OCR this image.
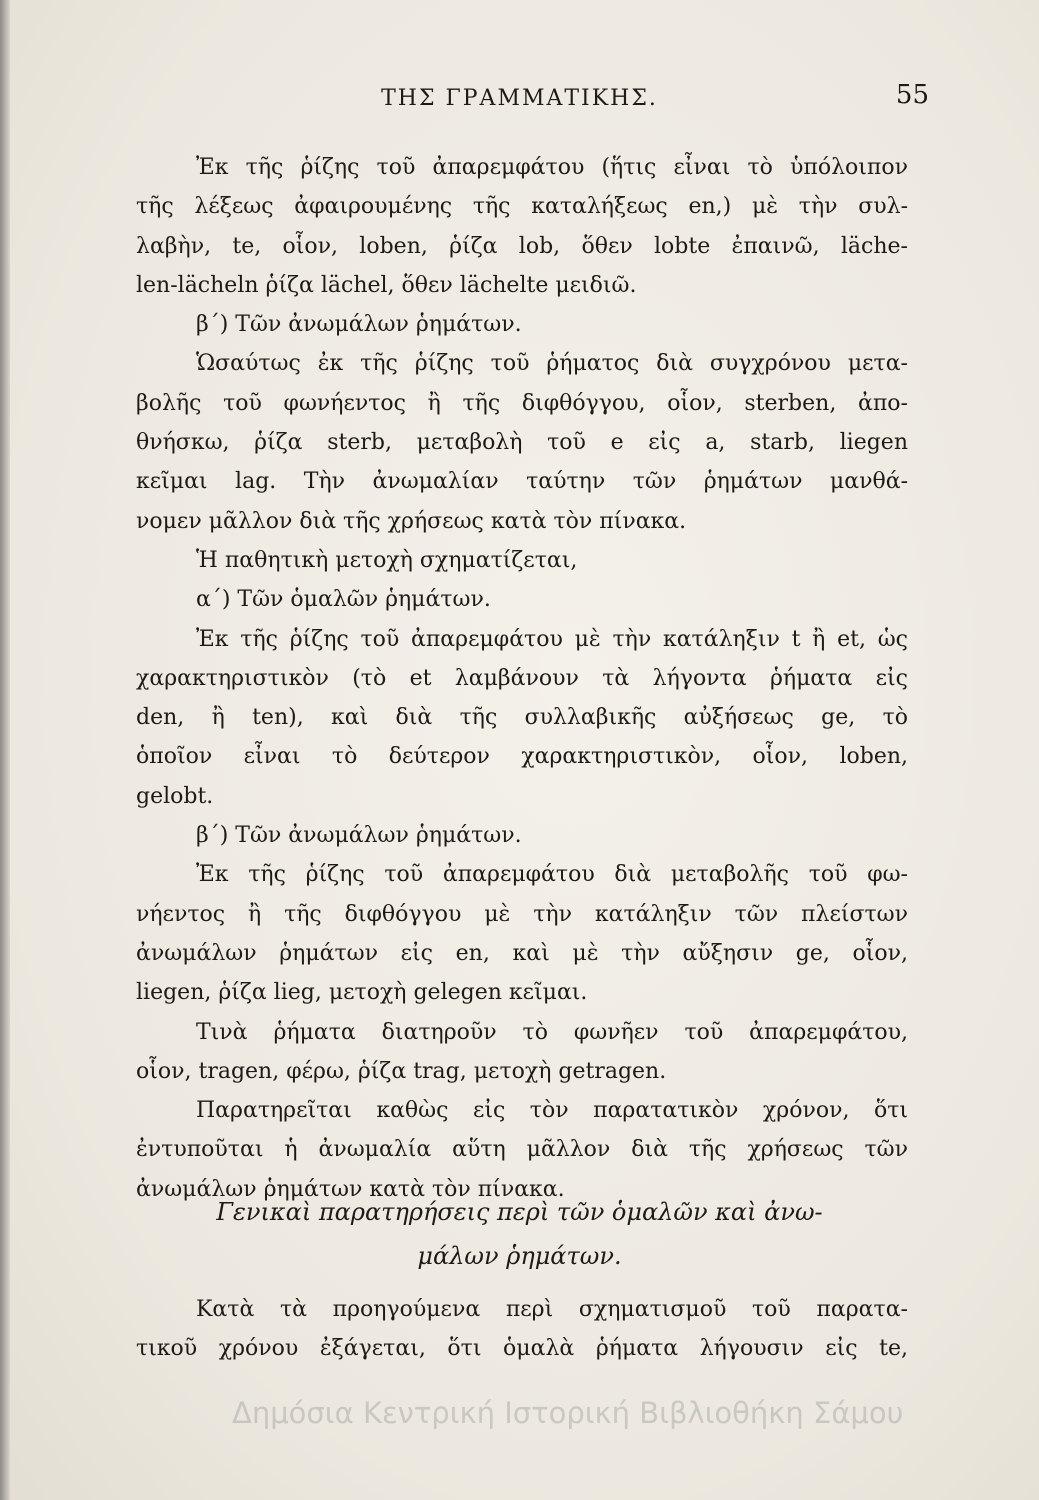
ΤΗΣ ΓΡΑΜΜΑΤΙΚΗΣ.	55
Ἐκ τῆς ῥίζης τοῦ ἀπαρεμφάτου (ἥτις εἶναι τὸ ὑπόλοιπον
τῆς λέξεως ἀφαιρουμένης τῆς καταλήξεως en,) μὲ τὴν συλ-
λαβὴν, te, οἷον, loben, ῥίζα lob, ὅθεν lobte ἐπαινῶ, läche-
len-lächeln ῥίζα lächel, ὅθεν lächelte μειδιῶ.
β΄) Τῶν ἀνωμάλων ῥημάτων.
Ὡσαύτως ἐκ τῆς ῥίζης τοῦ ῥήματος διὰ συγχρόνου μετα-
βολῆς τοῦ φωνήεντος ἢ τῆς διφθόγγου, οἷον, sterben, ἀπο-
θνήσκω, ῥίζα sterb, μεταβολὴ τοῦ e εἰς a, starb, liegen
κεῖμαι lag. Τὴν ἀνωμαλίαν ταύτην τῶν ῥημάτων μανθά-
νομεν μᾶλλον διὰ τῆς χρήσεως κατὰ τὸν πίνακα.
Ἡ παθητικὴ μετοχὴ σχηματίζεται,
α΄) Τῶν ὁμαλῶν ῥημάτων.
Ἐκ τῆς ῥίζης τοῦ ἀπαρεμφάτου μὲ τὴν κατάληξιν t ἢ et, ὡς
χαρακτηριστικὸν (τὸ et λαμβάνουν τὰ λήγοντα ῥήματα εἰς
den, ἢ ten), καὶ διὰ τῆς συλλαβικῆς αὐξήσεως ge, τὸ
ὁποῖον εἶναι τὸ δεύτερον χαρακτηριστικὸν, οἷον, loben,
gelobt.
β΄) Τῶν ἀνωμάλων ῥημάτων.
Ἐκ τῆς ῥίζης τοῦ ἀπαρεμφάτου διὰ μεταβολῆς τοῦ φω-
νήεντος ἢ τῆς διφθόγγου μὲ τὴν κατάληξιν τῶν πλείστων
ἀνωμάλων ῥημάτων εἰς en, καὶ μὲ τὴν αὔξησιν ge, οἷον,
liegen, ῥίζα lieg, μετοχὴ gelegen κεῖμαι.
Τινὰ ῥήματα διατηροῦν τὸ φωνῆεν τοῦ ἀπαρεμφάτου,
οἷον, tragen, φέρω, ῥίζα trag, μετοχὴ getragen.
Παρατηρεῖται καθὼς εἰς τὸν παρατατικὸν χρόνον, ὅτι
ἐντυποῦται ἡ ἀνωμαλία αὕτη μᾶλλον διὰ τῆς χρήσεως τῶν
ἀνωμάλων ῥημάτων κατὰ τὸν πίνακα.
Γενικαὶ παρατηρήσεις περὶ τῶν ὁμαλῶν καὶ ἀνω-
μάλων ῥημάτων.
Κατὰ τὰ προηγούμενα περὶ σχηματισμοῦ τοῦ παρατα-
τικοῦ χρόνου ἐξάγεται, ὅτι ὁμαλὰ ῥήματα λήγουσιν εἰς te,
Δημόσια Κεντρική Ιστορική Βιβλιοθήκη Σάμου
